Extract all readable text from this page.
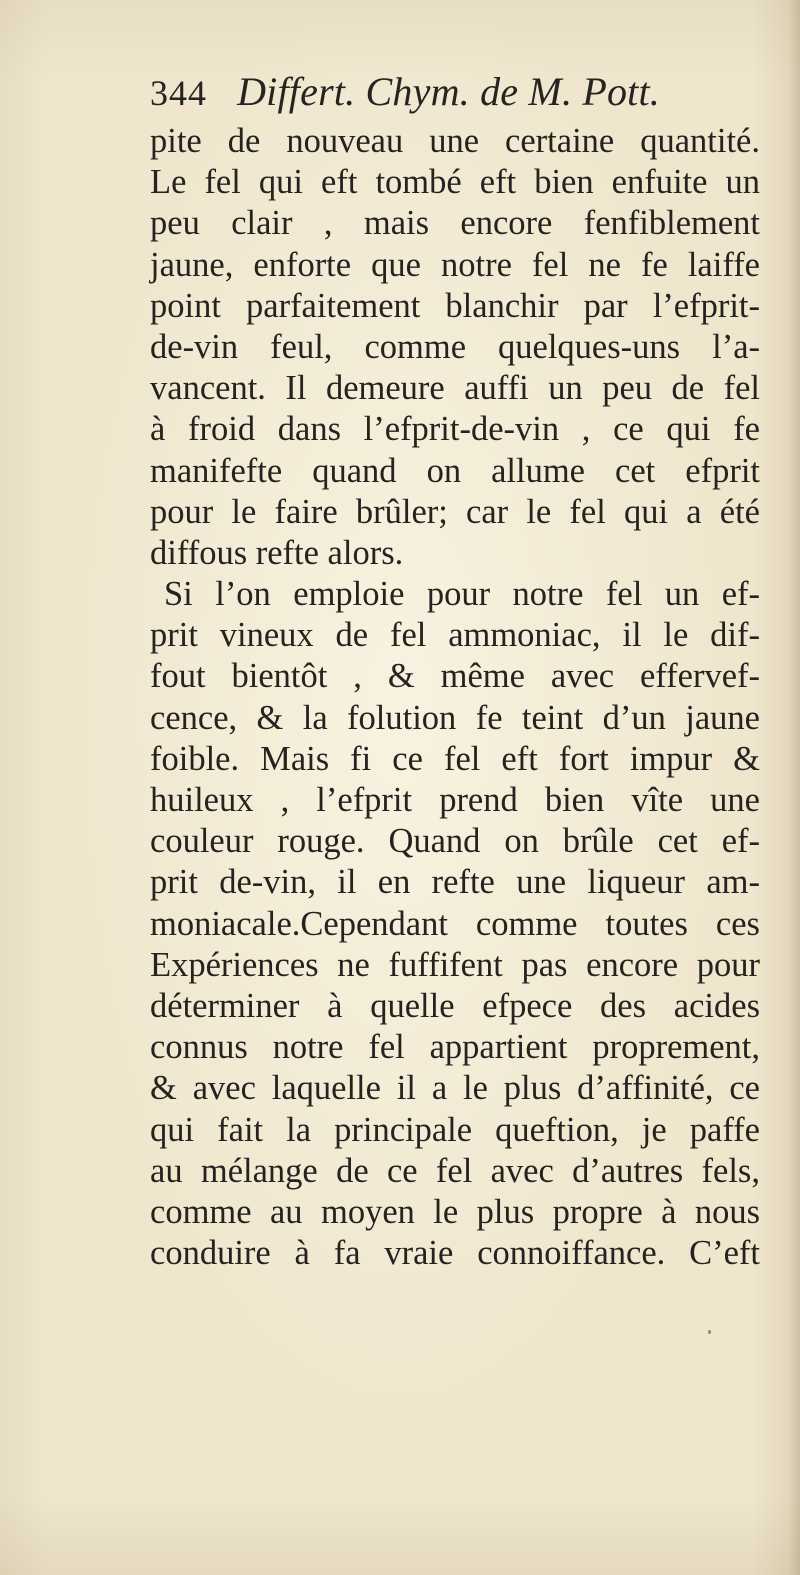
344 Differt. Chym. de M. Pott.
pite de nouveau une certaine quantité.
Le fel qui eft tombé eft bien enfuite un
peu clair , mais encore fenfiblement
jaune, enforte que notre fel ne fe laiffe
point parfaitement blanchir par l’efprit-
de-vin feul, comme quelques-uns l’a-
vancent. Il demeure auffi un peu de fel
à froid dans l’efprit-de-vin , ce qui fe
manifefte quand on allume cet efprit
pour le faire brûler; car le fel qui a été
diffous refte alors.
Si l’on emploie pour notre fel un ef-
prit vineux de fel ammoniac, il le dif-
fout bientôt , & même avec effervef-
cence, & la folution fe teint d’un jaune
foible. Mais fi ce fel eft fort impur &
huileux , l’efprit prend bien vîte une
couleur rouge. Quand on brûle cet ef-
prit de-vin, il en refte une liqueur am-
moniacale.Cependant comme toutes ces
Expériences ne fuffifent pas encore pour
déterminer à quelle efpece des acides
connus notre fel appartient proprement,
& avec laquelle il a le plus d’affinité, ce
qui fait la principale queftion, je paffe
au mélange de ce fel avec d’autres fels,
comme au moyen le plus propre à nous
conduire à fa vraie connoiffance. C’eft
